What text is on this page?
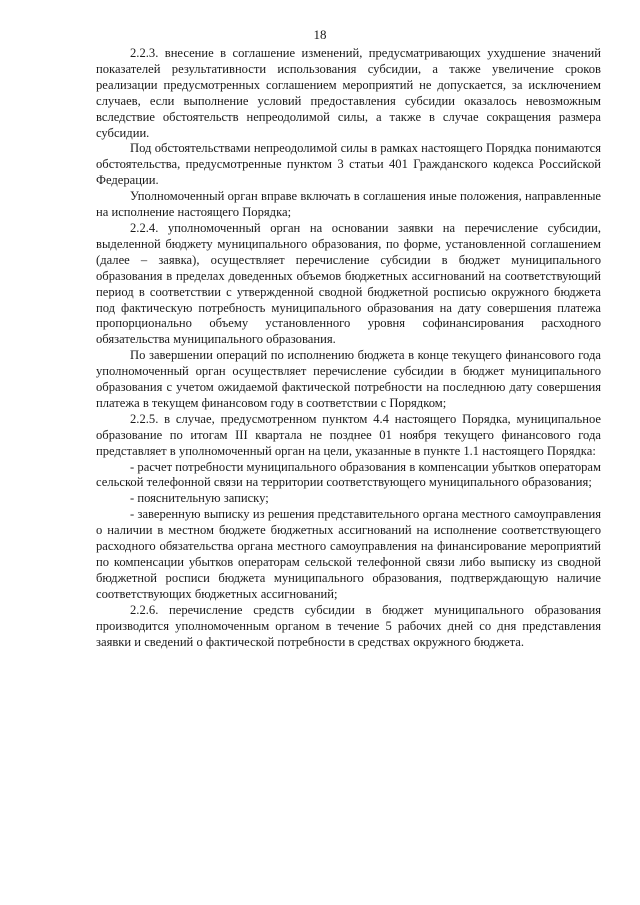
18

2.2.3. внесение в соглашение изменений, предусматривающих ухудшение значений показателей результативности использования субсидии, а также увеличение сроков реализации предусмотренных соглашением мероприятий не допускается, за исключением случаев, если выполнение условий предоставления субсидии оказалось невозможным вследствие обстоятельств непреодолимой силы, а также в случае сокращения размера субсидии.

Под обстоятельствами непреодолимой силы в рамках настоящего Порядка понимаются обстоятельства, предусмотренные пунктом 3 статьи 401 Гражданского кодекса Российской Федерации.

Уполномоченный орган вправе включать в соглашения иные положения, направленные на исполнение настоящего Порядка;

2.2.4. уполномоченный орган на основании заявки на перечисление субсидии, выделенной бюджету муниципального образования, по форме, установленной соглашением (далее – заявка), осуществляет перечисление субсидии в бюджет муниципального образования в пределах доведенных объемов бюджетных ассигнований на соответствующий период в соответствии с утвержденной сводной бюджетной росписью окружного бюджета под фактическую потребность муниципального образования на дату совершения платежа пропорционально объему установленного уровня софинансирования расходного обязательства муниципального образования.

По завершении операций по исполнению бюджета в конце текущего финансового года уполномоченный орган осуществляет перечисление субсидии в бюджет муниципального образования с учетом ожидаемой фактической потребности на последнюю дату совершения платежа в текущем финансовом году в соответствии с Порядком;

2.2.5. в случае, предусмотренном пунктом 4.4 настоящего Порядка, муниципальное образование по итогам III квартала не позднее 01 ноября текущего финансового года представляет в уполномоченный орган на цели, указанные в пункте 1.1 настоящего Порядка:

- расчет потребности муниципального образования в компенсации убытков операторам сельской телефонной связи на территории соответствующего муниципального образования;

- пояснительную записку;

- заверенную выписку из решения представительного органа местного самоуправления о наличии в местном бюджете бюджетных ассигнований на исполнение соответствующего расходного обязательства органа местного самоуправления на финансирование мероприятий по компенсации убытков операторам сельской телефонной связи либо выписку из сводной бюджетной росписи бюджета муниципального образования, подтверждающую наличие соответствующих бюджетных ассигнований;

2.2.6. перечисление средств субсидии в бюджет муниципального образования производится уполномоченным органом в течение 5 рабочих дней со дня представления заявки и сведений о фактической потребности в средствах окружного бюджета.
